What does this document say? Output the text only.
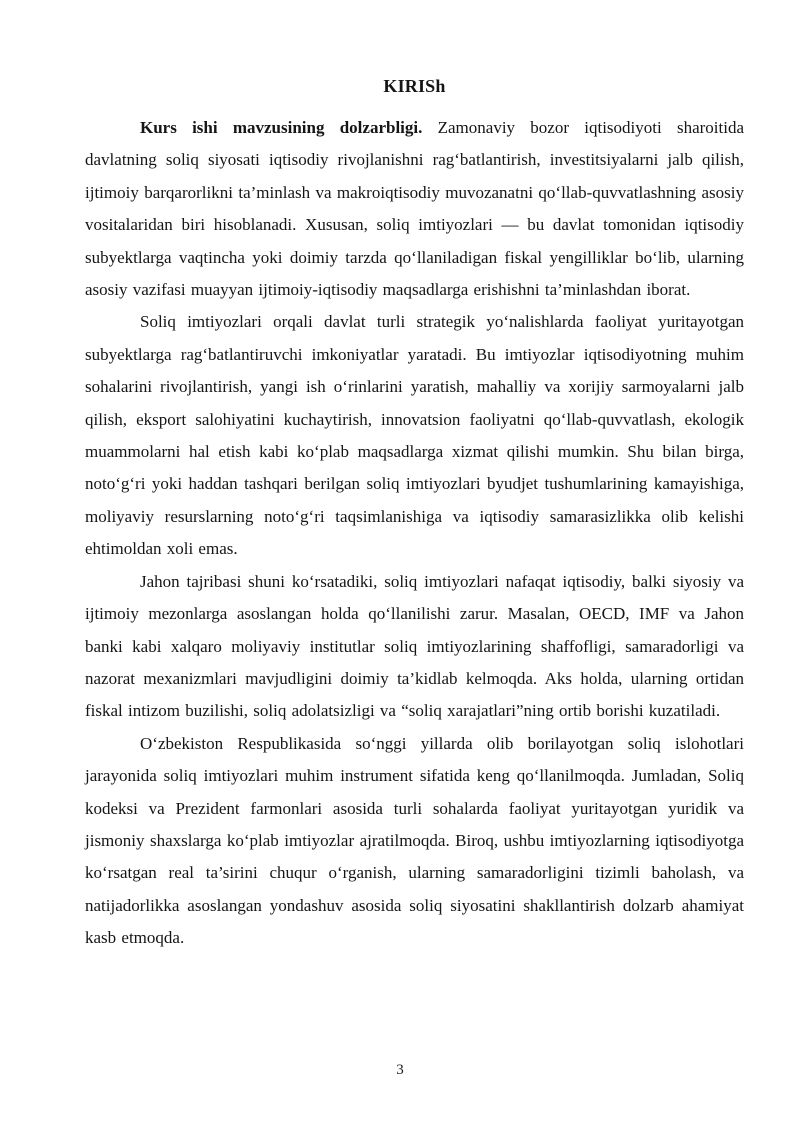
KIRISh

Kurs ishi mavzusining dolzarbligi. Zamonaviy bozor iqtisodiyoti sharoitida davlatning soliq siyosati iqtisodiy rivojlanishni ragʻbatlantirish, investitsiyalarni jalb qilish, ijtimoiy barqarorlikni ta’minlash va makroiqtisodiy muvozanatni qoʻllab-quvvatlashning asosiy vositalaridan biri hisoblanadi. Xususan, soliq imtiyozlari — bu davlat tomonidan iqtisodiy subyektlarga vaqtincha yoki doimiy tarzda qoʻllaniladigan fiskal yengilliklar boʻlib, ularning asosiy vazifasi muayyan ijtimoiy-iqtisodiy maqsadlarga erishishni ta’minlashdan iborat.

Soliq imtiyozlari orqali davlat turli strategik yoʻnalishlarda faoliyat yuritayotgan subyektlarga ragʻbatlantiruvchi imkoniyatlar yaratadi. Bu imtiyozlar iqtisodiyotning muhim sohalarini rivojlantirish, yangi ish oʻrinlarini yaratish, mahalliy va xorijiy sarmoyalarni jalb qilish, eksport salohiyatini kuchaytirish, innovatsion faoliyatni qoʻllab-quvvatlash, ekologik muammolarni hal etish kabi koʻplab maqsadlarga xizmat qilishi mumkin. Shu bilan birga, notoʻgʻri yoki haddan tashqari berilgan soliq imtiyozlari byudjet tushumlarining kamayishiga, moliyaviy resurslarning notoʻgʻri taqsimlanishiga va iqtisodiy samarasizlikka olib kelishi ehtimoldan xoli emas.

Jahon tajribasi shuni koʻrsatadiki, soliq imtiyozlari nafaqat iqtisodiy, balki siyosiy va ijtimoiy mezonlarga asoslangan holda qoʻllanilishi zarur. Masalan, OECD, IMF va Jahon banki kabi xalqaro moliyaviy institutlar soliq imtiyozlarining shaffofligi, samaradorligi va nazorat mexanizmlari mavjudligini doimiy ta’kidlab kelmoqda. Aks holda, ularning ortidan fiskal intizom buzilishi, soliq adolatsizligi va “soliq xarajatlari”ning ortib borishi kuzatiladi.

Oʻzbekiston Respublikasida soʻnggi yillarda olib borilayotgan soliq islohotlari jarayonida soliq imtiyozlari muhim instrument sifatida keng qoʻllanilmoqda. Jumladan, Soliq kodeksi va Prezident farmonlari asosida turli sohalarda faoliyat yuritayotgan yuridik va jismoniy shaxslarga koʻplab imtiyozlar ajratilmoqda. Biroq, ushbu imtiyozlarning iqtisodiyotga koʻrsatgan real ta’sirini chuqur oʻrganish, ularning samaradorligini tizimli baholash, va natijadorlikka asoslangan yondashuv asosida soliq siyosatini shakllantirish dolzarb ahamiyat kasb etmoqda.

3
